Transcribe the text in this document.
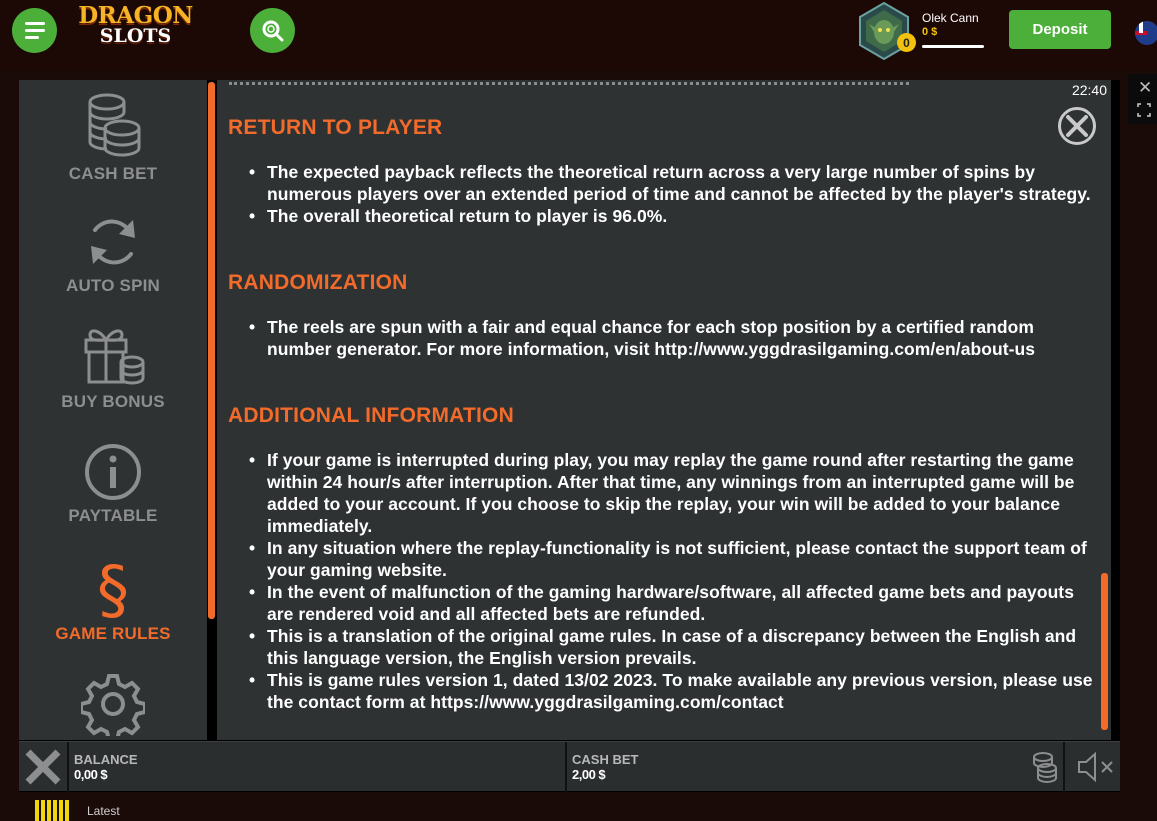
DRAGON
SLOTS	0
Olek Cann
0 $	Deposit
✕
CASH BET
AUTO SPIN
BUY BONUS
PAYTABLE
§
GAME RULES
22:40
RETURN TO PLAYER
• The expected payback reflects the theoretical return across a very large number of spins by numerous players over an extended period of time and cannot be affected by the player's strategy.
• The overall theoretical return to player is 96.0%.
RANDOMIZATION
• The reels are spun with a fair and equal chance for each stop position by a certified random number generator. For more information, visit http://www.yggdrasilgaming.com/en/about-us
ADDITIONAL INFORMATION
• If your game is interrupted during play, you may replay the game round after restarting the game within 24 hour/s after interruption. After that time, any winnings from an interrupted game will be added to your account. If you choose to skip the replay, your win will be added to your balance immediately.
• In any situation where the replay-functionality is not sufficient, please contact the support team of your gaming website.
• In the event of malfunction of the gaming hardware/software, all affected game bets and payouts are rendered void and all affected bets are refunded.
• This is a translation of the original game rules. In case of a discrepancy between the English and this language version, the English version prevails.
• This is game rules version 1, dated 13/02 2023. To make available any previous version, please use the contact form at https://www.yggdrasilgaming.com/contact
BALANCE
0,00 $
CASH BET
2,00 $
Latest
